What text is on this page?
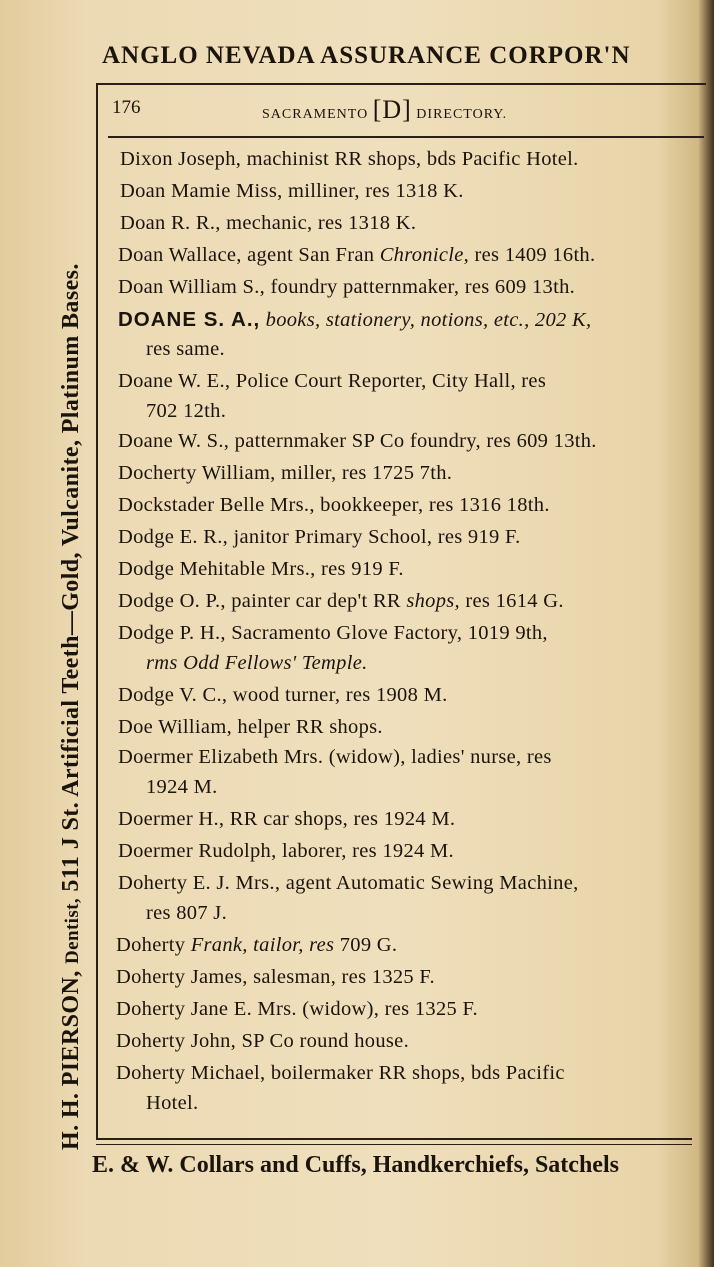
ANGLO NEVADA ASSURANCE CORPOR'N
H. H. PIERSON, Dentist, 511 J St. Artificial Teeth—Gold, Vulcanite, Platinum Bases.
176	SACRAMENTO [D] DIRECTORY.
Dixon Joseph, machinist RR shops, bds Pacific Hotel.
Doan Mamie Miss, milliner, res 1318 K.
Doan R. R., mechanic, res 1318 K.
Doan Wallace, agent San Fran Chronicle, res 1409 16th.
Doan William S., foundry patternmaker, res 609 13th.
DOANE S. A., books, stationery, notions, etc., 202 K,
res same.
Doane W. E., Police Court Reporter, City Hall, res
702 12th.
Doane W. S., patternmaker SP Co foundry, res 609 13th.
Docherty William, miller, res 1725 7th.
Dockstader Belle Mrs., bookkeeper, res 1316 18th.
Dodge E. R., janitor Primary School, res 919 F.
Dodge Mehitable Mrs., res 919 F.
Dodge O. P., painter car dep't RR shops, res 1614 G.
Dodge P. H., Sacramento Glove Factory, 1019 9th,
rms Odd Fellows' Temple.
Dodge V. C., wood turner, res 1908 M.
Doe William, helper RR shops.
Doermer Elizabeth Mrs. (widow), ladies' nurse, res
1924 M.
Doermer H., RR car shops, res 1924 M.
Doermer Rudolph, laborer, res 1924 M.
Doherty E. J. Mrs., agent Automatic Sewing Machine,
res 807 J.
Doherty Frank, tailor, res 709 G.
Doherty James, salesman, res 1325 F.
Doherty Jane E. Mrs. (widow), res 1325 F.
Doherty John, SP Co round house.
Doherty Michael, boilermaker RR shops, bds Pacific
Hotel.
E. & W. Collars and Cuffs, Handkerchiefs, Satchels
